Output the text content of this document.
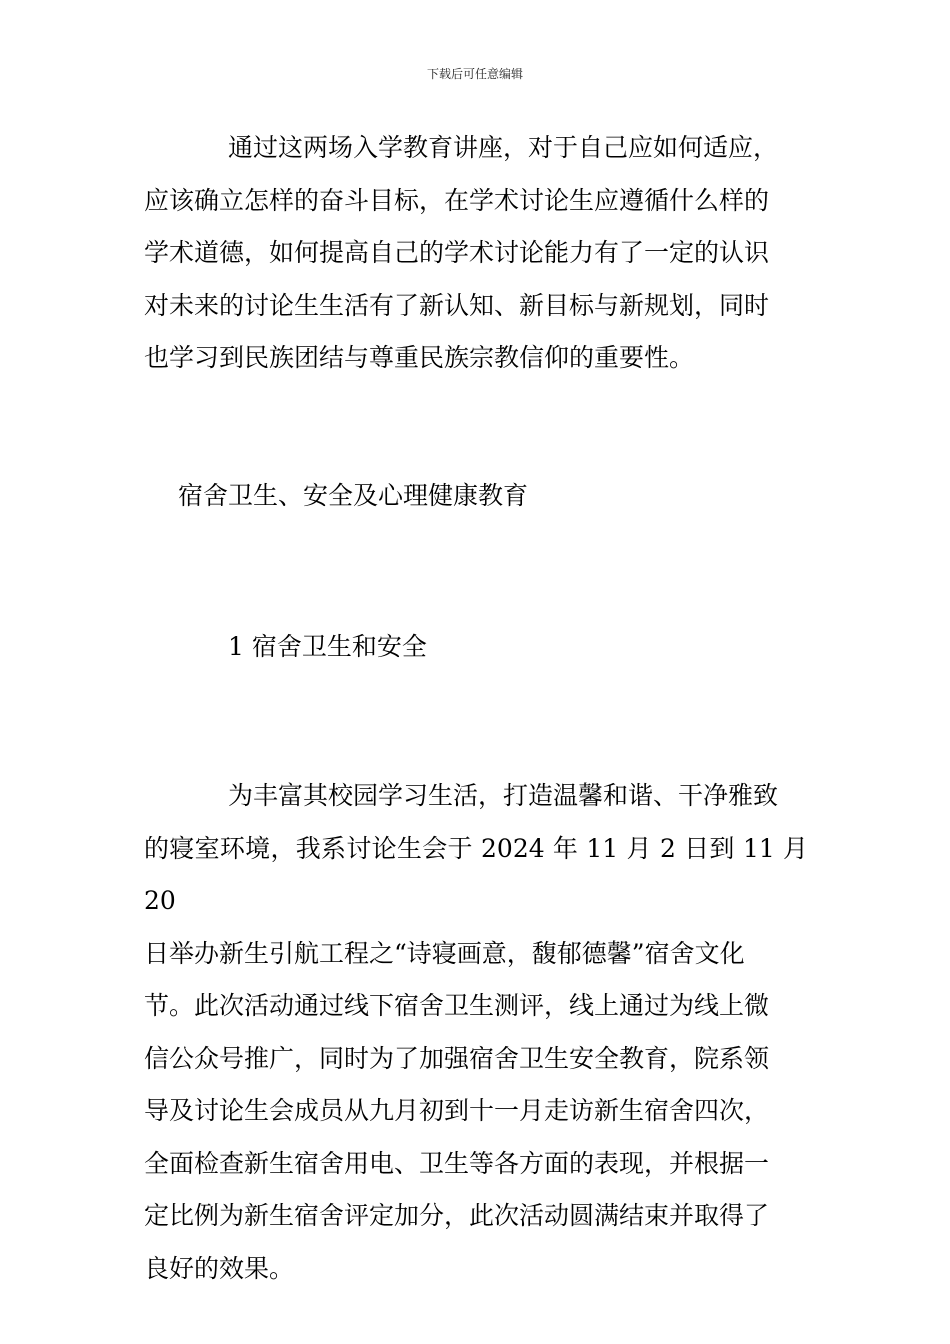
下载后可任意编辑
通过这两场入学教育讲座，对于自己应如何适应，
应该确立怎样的奋斗目标，在学术讨论生应遵循什么样的
学术道德，如何提高自己的学术讨论能力有了一定的认识
对未来的讨论生生活有了新认知、新目标与新规划，同时
也学习到民族团结与尊重民族宗教信仰的重要性。
宿舍卫生、安全及心理健康教育
1 宿舍卫生和安全
为丰富其校园学习生活，打造温馨和谐、干净雅致
的寝室环境，我系讨论生会于 2024 年 11 月 2 日到 11 月 20
日举办新生引航工程之“诗寝画意，馥郁德馨”宿舍文化
节。此次活动通过线下宿舍卫生测评，线上通过为线上微
信公众号推广，同时为了加强宿舍卫生安全教育，院系领
导及讨论生会成员从九月初到十一月走访新生宿舍四次，
全面检查新生宿舍用电、卫生等各方面的表现，并根据一
定比例为新生宿舍评定加分，此次活动圆满结束并取得了
良好的效果。
